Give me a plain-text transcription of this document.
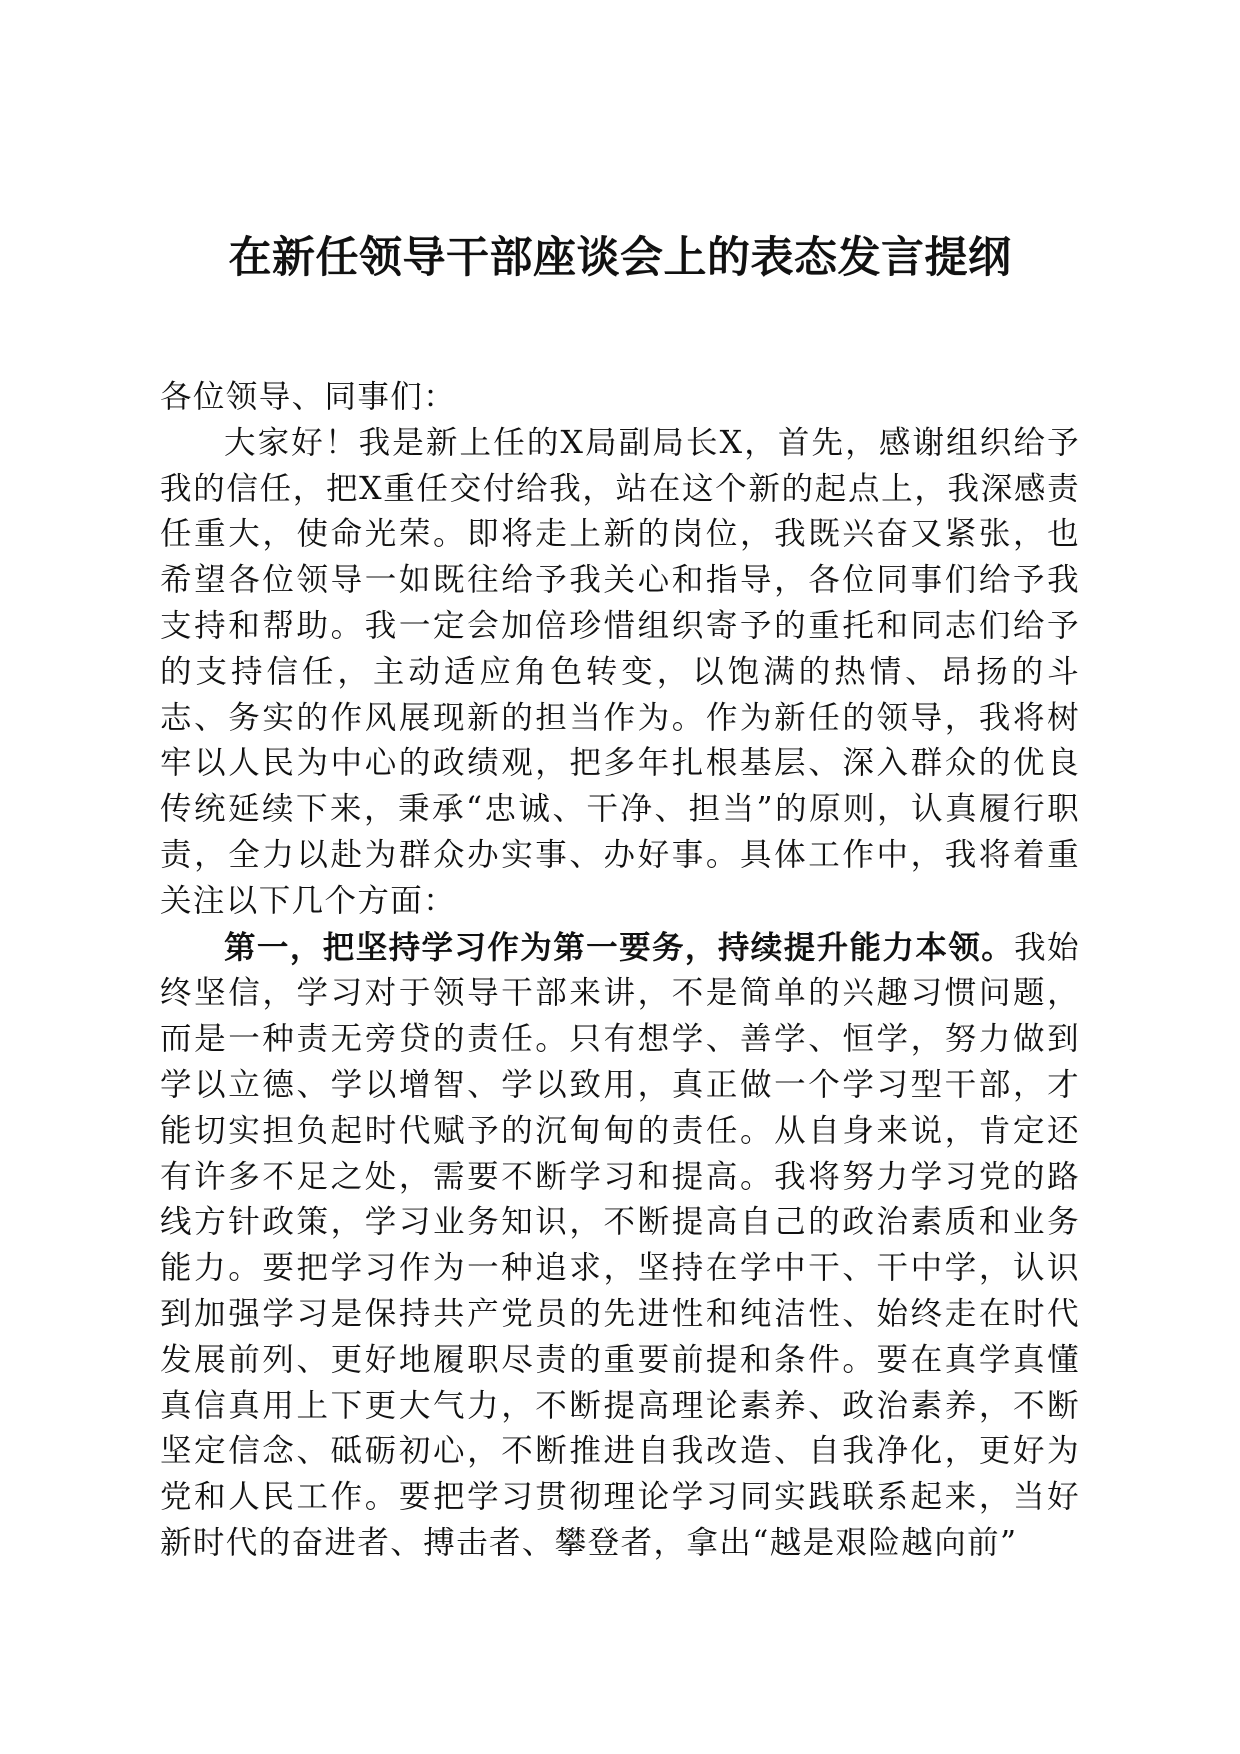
在新任领导干部座谈会上的表态发言提纲

各位领导、同事们：

大家好！我是新上任的X局副局长X，首先，感谢组织给予我的信任，把X重任交付给我，站在这个新的起点上，我深感责任重大，使命光荣。即将走上新的岗位，我既兴奋又紧张，也希望各位领导一如既往给予我关心和指导，各位同事们给予我支持和帮助。我一定会加倍珍惜组织寄予的重托和同志们给予的支持信任，主动适应角色转变，以饱满的热情、昂扬的斗志、务实的作风展现新的担当作为。作为新任的领导，我将树牢以人民为中心的政绩观，把多年扎根基层、深入群众的优良传统延续下来，秉承“忠诚、干净、担当”的原则，认真履行职责，全力以赴为群众办实事、办好事。具体工作中，我将着重关注以下几个方面：

第一，把坚持学习作为第一要务，持续提升能力本领。我始终坚信，学习对于领导干部来讲，不是简单的兴趣习惯问题，而是一种责无旁贷的责任。只有想学、善学、恒学，努力做到学以立德、学以增智、学以致用，真正做一个学习型干部，才能切实担负起时代赋予的沉甸甸的责任。从自身来说，肯定还有许多不足之处，需要不断学习和提高。我将努力学习党的路线方针政策，学习业务知识，不断提高自己的政治素质和业务能力。要把学习作为一种追求，坚持在学中干、干中学，认识到加强学习是保持共产党员的先进性和纯洁性、始终走在时代发展前列、更好地履职尽责的重要前提和条件。要在真学真懂真信真用上下更大气力，不断提高理论素养、政治素养，不断坚定信念、砥砺初心，不断推进自我改造、自我净化，更好为党和人民工作。要把学习贯彻理论学习同实践联系起来，当好新时代的奋进者、搏击者、攀登者，拿出“越是艰险越向前”
